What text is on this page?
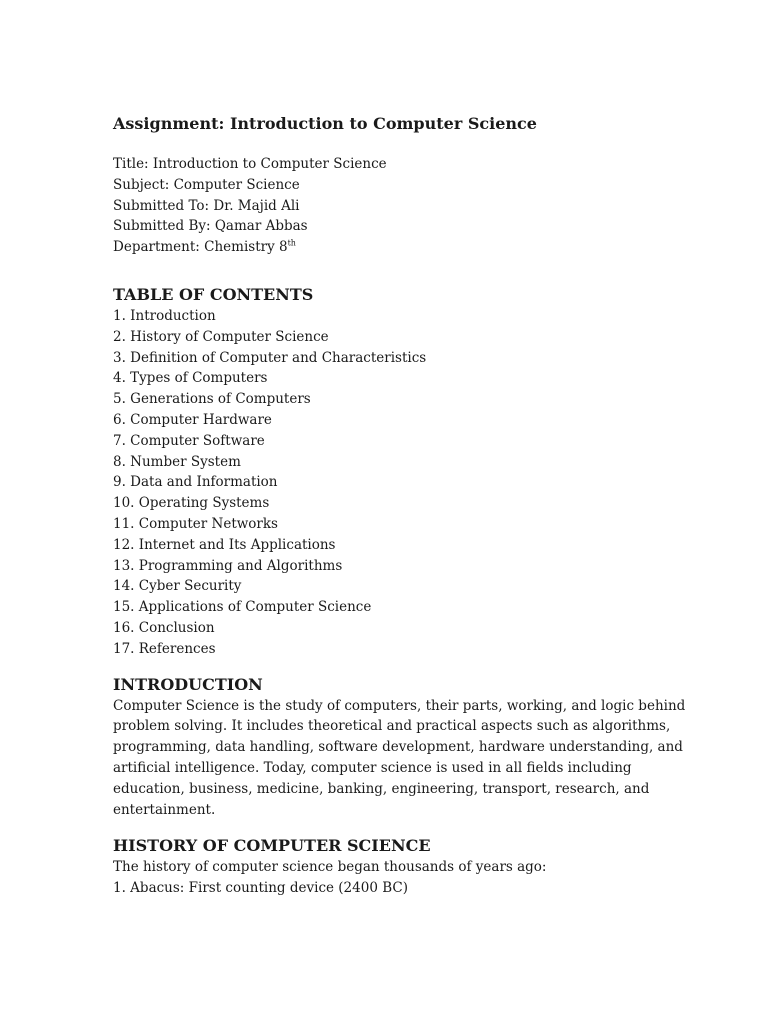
Assignment: Introduction to Computer Science
Title: Introduction to Computer Science
Subject: Computer Science
Submitted To: Dr. Majid Ali
Submitted By: Qamar Abbas
Department: Chemistry 8th
TABLE OF CONTENTS
1. Introduction
2. History of Computer Science
3. Definition of Computer and Characteristics
4. Types of Computers
5. Generations of Computers
6. Computer Hardware
7. Computer Software
8. Number System
9. Data and Information
10. Operating Systems
11. Computer Networks
12. Internet and Its Applications
13. Programming and Algorithms
14. Cyber Security
15. Applications of Computer Science
16. Conclusion
17. References
INTRODUCTION
Computer Science is the study of computers, their parts, working, and logic behind
problem solving. It includes theoretical and practical aspects such as algorithms,
programming, data handling, software development, hardware understanding, and
artificial intelligence. Today, computer science is used in all fields including
education, business, medicine, banking, engineering, transport, research, and
entertainment.
HISTORY OF COMPUTER SCIENCE
The history of computer science began thousands of years ago:
1. Abacus: First counting device (2400 BC)
